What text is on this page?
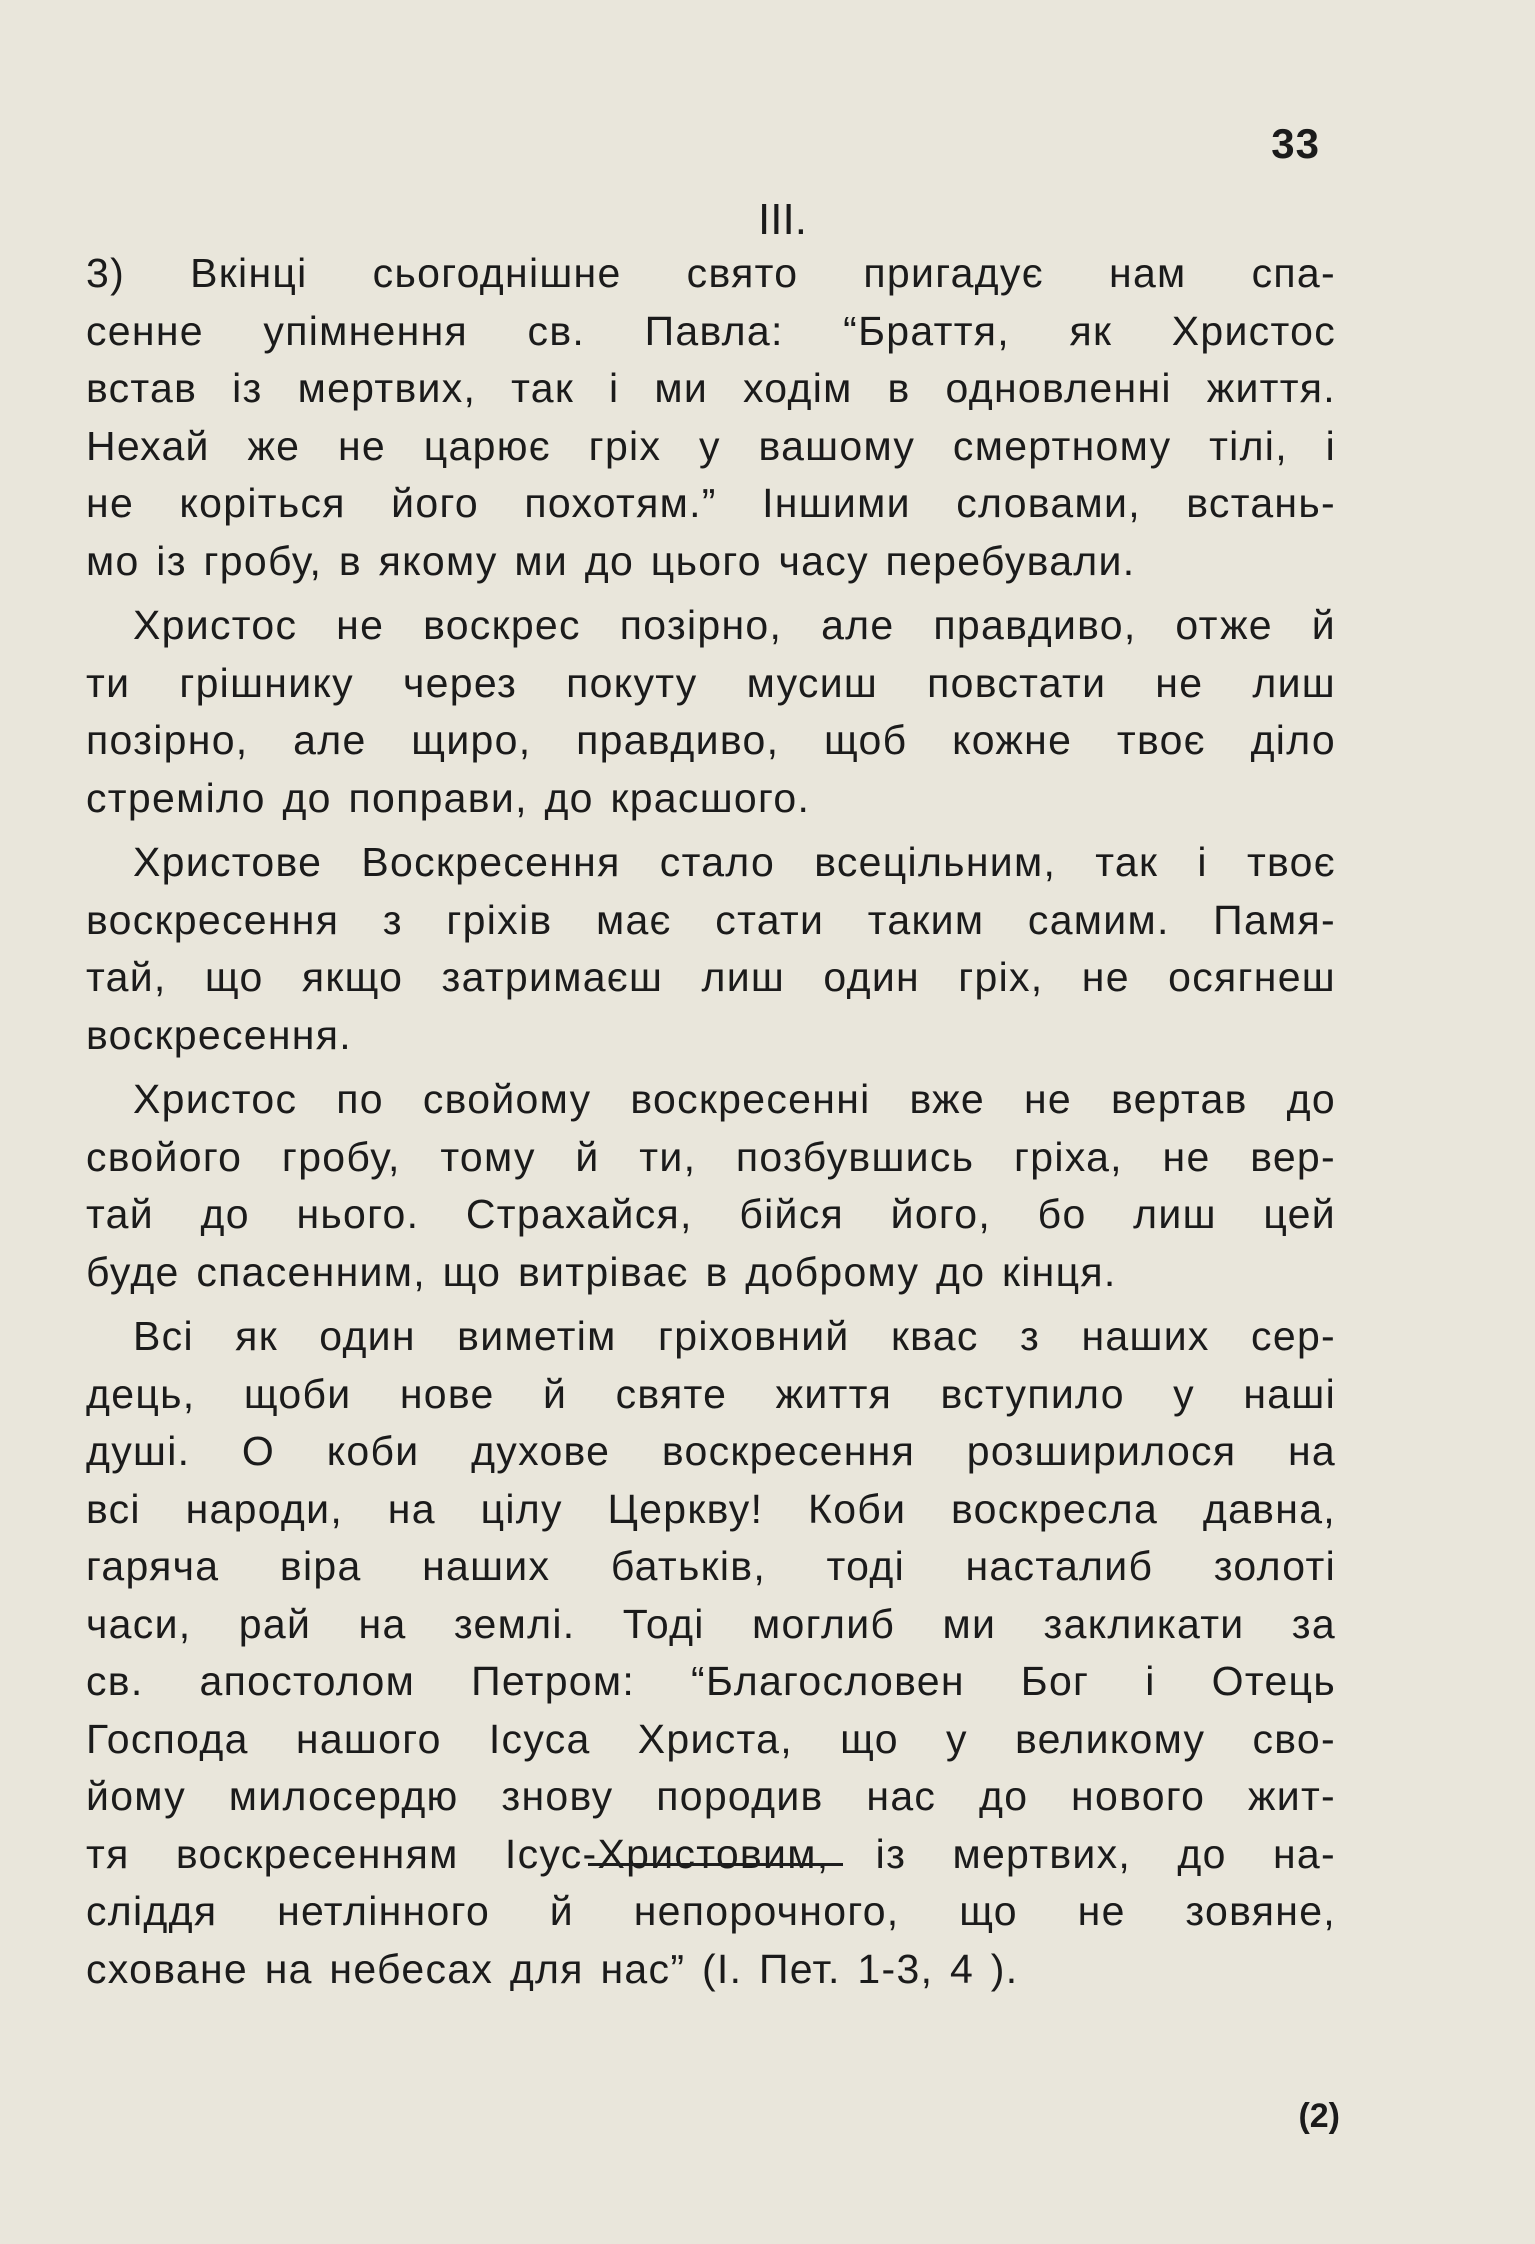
33
III.
3) Вкінці сьогоднішне свято пригадує нам спа-
сенне упімнення св. Павла: “Браття, як Христос
встав із мертвих, так і ми ходім в одновленні життя.
Нехай же не царює гріх у вашому смертному тілі, і
не коріться його похотям.” Іншими словами, встань-
мо із гробу, в якому ми до цього часу перебували.
Христос не воскрес позірно, але правдиво, отже й
ти грішнику через покуту мусиш повстати не лиш
позірно, але щиро, правдиво, щоб кожне твоє діло
стреміло до поправи, до красшого.
Христове Воскресення стало всецільним, так і твоє
воскресення з гріхів має стати таким самим. Памя-
тай, що якщо затримаєш лиш один гріх, не осягнеш
воскресення.
Христос по свойому воскресенні вже не вертав до
свойого гробу, тому й ти, позбувшись гріха, не вер-
тай до нього. Страхайся, бійся його, бо лиш цей
буде спасенним, що витріває в доброму до кінця.
Всі як один виметім гріховний квас з наших сер-
дець, щоби нове й святе життя вступило у наші
душі. О коби духове воскресення розширилося на
всі народи, на цілу Церкву! Коби воскресла давна,
гаряча віра наших батьків, тоді насталиб золоті
часи, рай на землі. Тоді моглиб ми закликати за
св. апостолом Петром: “Благословен Бог і Отець
Господа нашого Ісуса Христа, що у великому сво-
йому милосердю знову породив нас до нового жит-
тя воскресенням Ісус-Христовим, із мертвих, до на-
сліддя нетлінного й непорочного, що не зовяне,
сховане на небесах для нас” (I. Пет. 1-3, 4 ).
(2)
